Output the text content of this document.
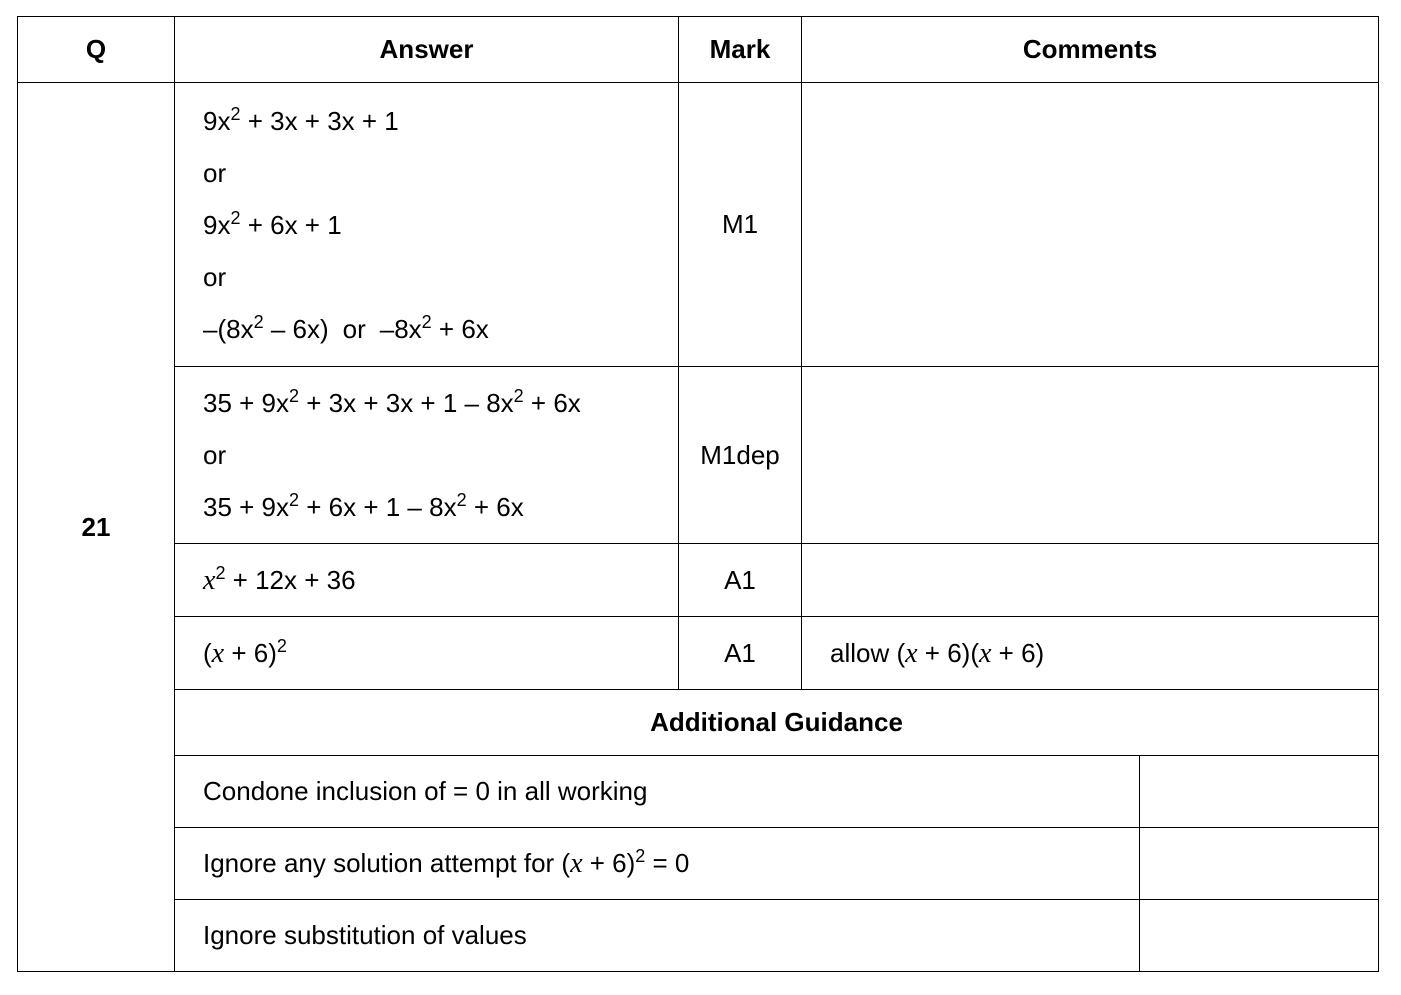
Q	Answer	Mark	Comments	
21	$9x^2 + 3x + 3x + 1$
or
$9x^2 + 6x + 1$
or
$-(8x^2 - 6x)$ or $-8x^2 + 6x$	M1		

	$35 + 9x^2 + 3x + 3x + 1 - 8x^2 + 6x$
or
$35 + 9x^2 + 6x + 1 - 8x^2 + 6x$	M1dep		

	$x^2 + 12x + 36$	A1		

	$(x + 6)^2$	A1	allow (x + 6)(x + 6)	
	Additional Guidance			
	Condone inclusion of = 0 in all working			
	Ignore any solution attempt for $(x + 6)^2 = 0$			
	Ignore substitution of values			
